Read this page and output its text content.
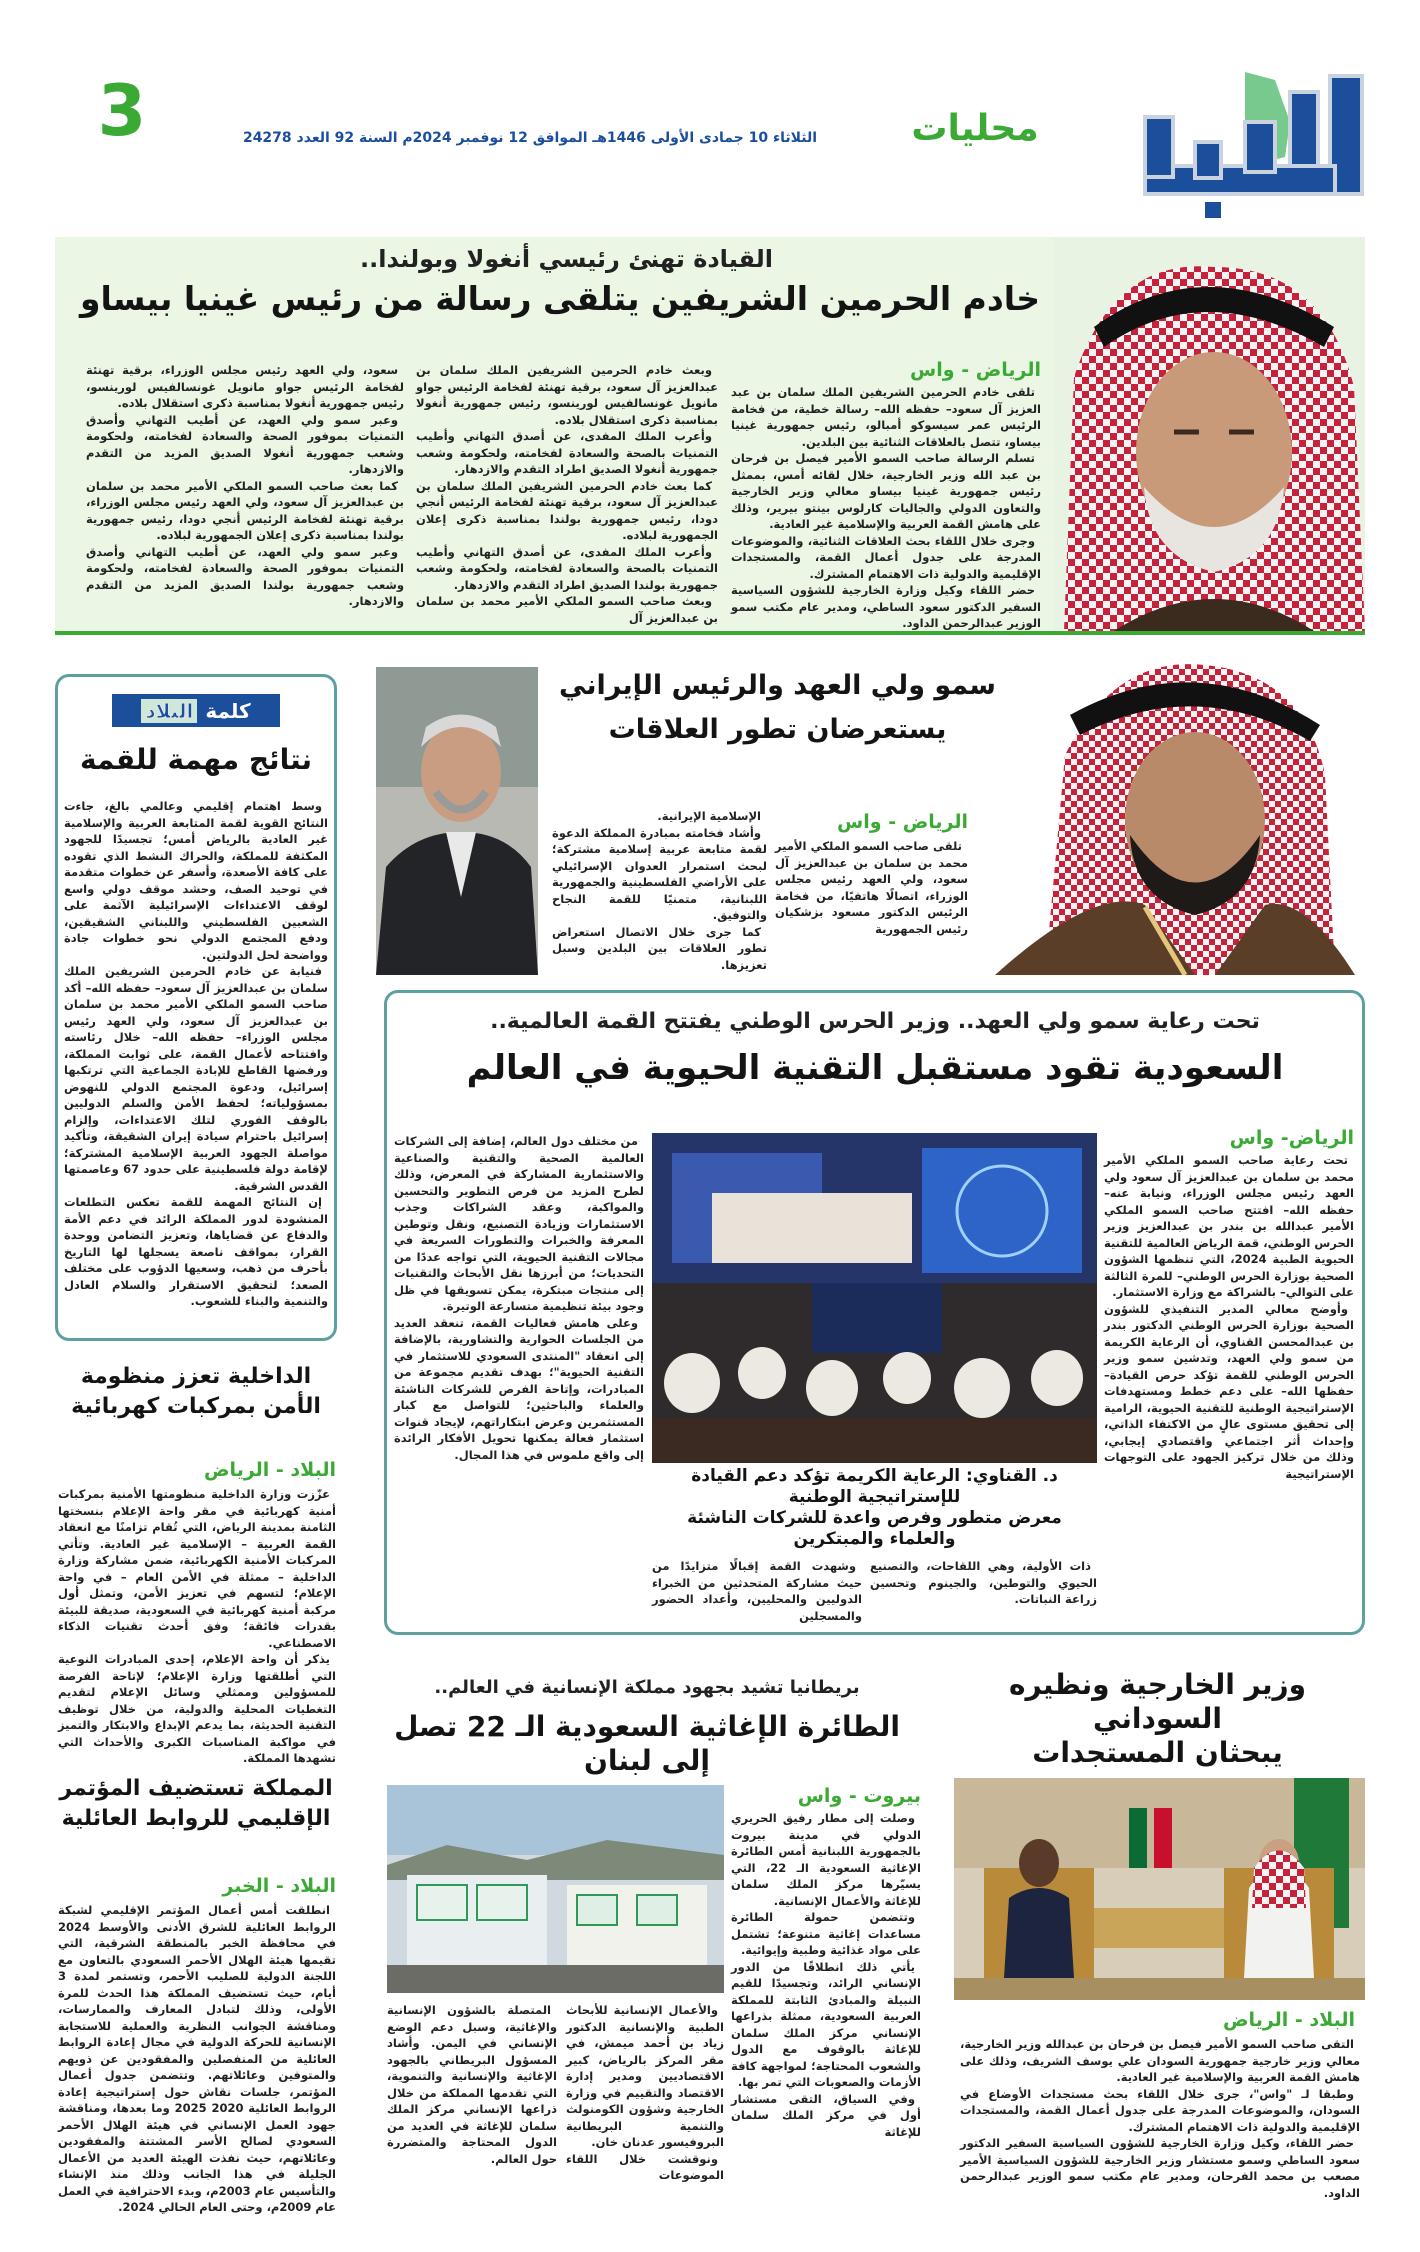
محليات
الثلاثاء 10 جمادى الأولى 1446هـ الموافق 12 نوفمبر 2024م السنة 92 العدد 24278
3
القيادة تهنئ رئيسي أنغولا وبولندا..
خادم الحرمين الشريفين يتلقى رسالة من رئيس غينيا بيساو
الرياض - واس

تلقى خادم الحرمين الشريفين الملك سلمان بن عبد العزيز آل سعود– حفظه الله– رسالة خطية، من فخامة الرئيس عمر سيسوكو أمبالو، رئيس جمهورية غينيا بيساو، تتصل بالعلاقات الثنائية بين البلدين.

تسلم الرسالة صاحب السمو الأمير فيصل بن فرحان بن عبد الله وزير الخارجية، خلال لقائه أمس، بممثل رئيس جمهورية غينيا بيساو معالي وزير الخارجية والتعاون الدولي والجاليات كارلوس بينتو بيرير، وذلك على هامش القمة العربية والإسلامية غير العادية.

وجرى خلال اللقاء بحث العلاقات الثنائية، والموضوعات المدرجة على جدول أعمال القمة، والمستجدات الإقليمية والدولية ذات الاهتمام المشترك.

حضر اللقاء وكيل وزارة الخارجية للشؤون السياسية السفير الدكتور سعود الساطي، ومدير عام مكتب سمو الوزير عبدالرحمن الداود.

وبعث خادم الحرمين الشريفين الملك سلمان بن عبدالعزيز آل سعود، برقية تهنئة لفخامة الرئيس جواو مانويل غونسالفيس لورينسو، رئيس جمهورية أنغولا بمناسبة ذكرى استقلال بلاده.

وأعرب الملك المفدى، عن أصدق التهاني وأطيب التمنيات بالصحة والسعادة لفخامته، ولحكومة وشعب جمهورية أنغولا الصديق اطراد التقدم والازدهار.

كما بعث خادم الحرمين الشريفين الملك سلمان بن عبدالعزيز آل سعود، برقية تهنئة لفخامة الرئيس أنجي دودا، رئيس جمهورية بولندا بمناسبة ذكرى إعلان الجمهورية لبلاده.

وأعرب الملك المفدى، عن أصدق التهاني وأطيب التمنيات بالصحة والسعادة لفخامته، ولحكومة وشعب جمهورية بولندا الصديق اطراد التقدم والازدهار.

وبعث صاحب السمو الملكي الأمير محمد بن سلمان بن عبدالعزيز آل

سعود، ولي العهد رئيس مجلس الوزراء، برقية تهنئة لفخامة الرئيس جواو مانويل غونسالفيس لورينسو، رئيس جمهورية أنغولا بمناسبة ذكرى استقلال بلاده.

وعبر سمو ولي العهد، عن أطيب التهاني وأصدق التمنيات بموفور الصحة والسعادة لفخامته، ولحكومة وشعب جمهورية أنغولا الصديق المزيد من التقدم والازدهار.

كما بعث صاحب السمو الملكي الأمير محمد بن سلمان بن عبدالعزيز آل سعود، ولي العهد رئيس مجلس الوزراء، برقية تهنئة لفخامة الرئيس أنجي دودا، رئيس جمهورية بولندا بمناسبة ذكرى إعلان الجمهورية لبلاده.

وعبر سمو ولي العهد، عن أطيب التهاني وأصدق التمنيات بموفور الصحة والسعادة لفخامته، ولحكومة وشعب جمهورية بولندا الصديق المزيد من التقدم والازدهار.

كلمة
البلاد
نتائج مهمة للقمة

وسط اهتمام إقليمي وعالمي بالغ، جاءت النتائج القوية لقمة المتابعة العربية والإسلامية غير العادية بالرياض أمس؛ تجسيدًا للجهود المكثفة للمملكة، والحراك النشط الذي تقوده على كافة الأصعدة، وأسفر عن خطوات متقدمة في توحيد الصف، وحشد موقف دولي واسع لوقف الاعتداءات الإسرائيلية الآثمة على الشعبين الفلسطيني واللبناني الشقيقين، ودفع المجتمع الدولي نحو خطوات جادة وواضحة لحل الدولتين.

فنيابة عن خادم الحرمين الشريفين الملك سلمان بن عبدالعزيز آل سعود– حفظه الله– أكد صاحب السمو الملكي الأمير محمد بن سلمان بن عبدالعزيز آل سعود، ولي العهد رئيس مجلس الوزراء– حفظه الله– خلال رئاسته وافتتاحه لأعمال القمة، على ثوابت المملكة، ورفضها القاطع للإبادة الجماعية التي ترتكبها إسرائيل، ودعوة المجتمع الدولي للنهوض بمسؤولياته؛ لحفظ الأمن والسلم الدوليين بالوقف الفوري لتلك الاعتداءات، وإلزام إسرائيل باحترام سيادة إيران الشقيقة، وتأكيد مواصلة الجهود العربية الإسلامية المشتركة؛ لإقامة دولة فلسطينية على حدود 67 وعاصمتها القدس الشرقية.

إن النتائج المهمة للقمة تعكس التطلعات المنشودة لدور المملكة الرائد في دعم الأمة والدفاع عن قضاياها، وتعزيز التضامن ووحدة القرار، بمواقف ناصعة يسجلها لها التاريخ بأحرف من ذهب، وسعيها الدؤوب على مختلف الصعد؛ لتحقيق الاستقرار والسلام العادل والتنمية والبناء للشعوب.

سمو ولي العهد والرئيس الإيراني
يستعرضان تطور العلاقات
الرياض - واس

تلقى صاحب السمو الملكي الأمير محمد بن سلمان بن عبدالعزيز آل سعود، ولي العهد رئيس مجلس الوزراء، اتصالًا هاتفيًا، من فخامة الرئيس الدكتور مسعود بزشكيان رئيس الجمهورية

الإسلامية الإيرانية.

وأشاد فخامته بمبادرة المملكة الدعوة لقمة متابعة عربية إسلامية مشتركة؛ لبحث استمرار العدوان الإسرائيلي على الأراضي الفلسطينية والجمهورية اللبنانية، متمنيًا للقمة النجاح والتوفيق.

كما جرى خلال الاتصال استعراض تطور العلاقات بين البلدين وسبل تعزيزها.

تحت رعاية سمو ولي العهد.. وزير الحرس الوطني يفتتح القمة العالمية..
السعودية تقود مستقبل التقنية الحيوية في العالم
الرياض- واس

تحت رعاية صاحب السمو الملكي الأمير محمد بن سلمان بن عبدالعزيز آل سعود ولي العهد رئيس مجلس الوزراء، ونيابة عنه– حفظه الله– افتتح صاحب السمو الملكي الأمير عبدالله بن بندر بن عبدالعزيز وزير الحرس الوطني، قمة الرياض العالمية للتقنية الحيوية الطبية 2024، التي تنظمها الشؤون الصحية بوزارة الحرس الوطني– للمرة الثالثة على التوالي– بالشراكة مع وزارة الاستثمار.

وأوضح معالي المدير التنفيذي للشؤون الصحية بوزارة الحرس الوطني الدكتور بندر بن عبدالمحسن القناوي، أن الرعاية الكريمة من سمو ولي العهد، وتدشين سمو وزير الحرس الوطني للقمة تؤكد حرص القيادة– حفظها الله– على دعم خطط ومستهدفات الإستراتيجية الوطنية للتقنية الحيوية، الرامية إلى تحقيق مستوى عالٍ من الاكتفاء الذاتي، وإحداث أثر اجتماعي واقتصادي إيجابي، وذلك من خلال تركيز الجهود على التوجهات الإستراتيجية

من مختلف دول العالم، إضافة إلى الشركات العالمية الصحية والتقنية والصناعية والاستثمارية المشاركة في المعرض، وذلك لطرح المزيد من فرص التطوير والتحسين والمواكبة، وعقد الشراكات وجذب الاستثمارات وزيادة التصنيع، ونقل وتوطين المعرفة والخبرات والتطورات السريعة في مجالات التقنية الحيوية، التي تواجه عددًا من التحديات؛ من أبرزها نقل الأبحاث والتقنيات إلى منتجات مبتكرة، يمكن تسويقها في ظل وجود بيئة تنظيمية متسارعة الوتيرة.

وعلى هامش فعاليات القمة، تنعقد العديد من الجلسات الحوارية والتشاورية، بالإضافة إلى انعقاد "المنتدى السعودي للاستثمار في التقنية الحيوية"؛ بهدف تقديم مجموعة من المبادرات، وإتاحة الفرص للشركات الناشئة والعلماء والباحثين؛ للتواصل مع كبار المستثمرين وعرض ابتكاراتهم، لإيجاد قنوات استثمار فعالة يمكنها تحويل الأفكار الرائدة إلى واقع ملموس في هذا المجال.

د. القناوي: الرعاية الكريمة تؤكد دعم القيادة للإستراتيجية الوطنية
معرض متطور وفرص واعدة للشركات الناشئة والعلماء والمبتكرين

ذات الأولية، وهي اللقاحات، والتصنيع الحيوي والتوطين، والجينوم وتحسين زراعة النباتات.

وشهدت القمة إقبالًا متزايدًا من حيث مشاركة المتحدثين من الخبراء الدوليين والمحليين، وأعداد الحضور والمسجلين

الداخلية تعزز منظومة
الأمن بمركبات كهربائية
البلاد - الرياض

عزّزت وزارة الداخلية منظومتها الأمنية بمركبات أمنية كهربائية في مقر واحة الإعلام بنسختها الثامنة بمدينة الرياض، التي تُقام تزامنًا مع انعقاد القمة العربية – الإسلامية غير العادية. وتأتي المركبات الأمنية الكهربائية، ضمن مشاركة وزارة الداخلية – ممثلة في الأمن العام – في واحة الإعلام؛ لتسهم في تعزيز الأمن، وتمثل أول مركبة أمنية كهربائية في السعودية، صديقة للبيئة بقدرات فائقة؛ وفق أحدث تقنيات الذكاء الاصطناعي.

يذكر أن واحة الإعلام، إحدى المبادرات النوعية التي أطلقتها وزارة الإعلام؛ لإتاحة الفرصة للمسؤولين وممثلي وسائل الإعلام لتقديم التغطيات المحلية والدولية، من خلال توظيف التقنية الحديثة، بما يدعم الإبداع والابتكار والتميز في مواكبة المناسبات الكبرى والأحداث التي تشهدها المملكة.

المملكة تستضيف المؤتمر
الإقليمي للروابط العائلية
البلاد - الخبر

انطلقت أمس أعمال المؤتمر الإقليمي لشبكة الروابط العائلية للشرق الأدنى والأوسط 2024 في محافظة الخبر بالمنطقة الشرقية، التي تقيمها هيئة الهلال الأحمر السعودي بالتعاون مع اللجنة الدولية للصليب الأحمر، وتستمر لمدة 3 أيام، حيث تستضيف المملكة هذا الحدث للمرة الأولى، وذلك لتبادل المعارف والممارسات، ومناقشة الجوانب النظرية والعملية للاستجابة الإنسانية للحركة الدولية في مجال إعادة الروابط العائلية من المنفصلين والمفقودين عن ذويهم والمتوفين وعائلاتهم. وتتضمن جدول أعمال المؤتمر، جلسات نقاش حول إستراتيجية إعادة الروابط العائلية 2020 2025 وما بعدها، ومناقشة جهود العمل الإنساني في هيئة الهلال الأحمر السعودي لصالح الأسر المشتتة والمفقودين وعائلاتهم، حيث نفذت الهيئة العديد من الأعمال الجليلة في هذا الجانب وذلك منذ الإنشاء والتأسيس عام 2003م، وبدء الاحترافية في العمل عام 2009م، وحتى العام الحالي 2024.

بريطانيا تشيد بجهود مملكة الإنسانية في العالم..
الطائرة الإغاثية السعودية الـ 22 تصل إلى لبنان
بيروت - واس

وصلت إلى مطار رفيق الحريري الدولي في مدينة بيروت بالجمهورية اللبنانية أمس الطائرة الإغاثية السعودية الـ 22، التي يسيّرها مركز الملك سلمان للإغاثة والأعمال الإنسانية.

وتتضمن حمولة الطائرة مساعدات إغاثية متنوعة؛ تشتمل على مواد غذائية وطبية وإيوائية.

يأتي ذلك انطلاقًا من الدور الإنساني الرائد، وتجسيدًا للقيم النبيلة والمبادئ الثابتة للمملكة العربية السعودية، ممثلة بذراعها الإنساني مركز الملك سلمان للإغاثة بالوقوف مع الدول والشعوب المحتاجة؛ لمواجهة كافة الأزمات والصعوبات التي تمر بها.

وفي السياق، التقى مستشار أول في مركز الملك سلمان للإغاثة

والأعمال الإنسانية للأبحاث الطبية والإنسانية الدكتور زياد بن أحمد ميمش، في مقر المركز بالرياض، كبير الاقتصاديين ومدير إدارة الاقتصاد والتقييم في وزارة الخارجية وشؤون الكومنولث والتنمية البريطانية البروفيسور عدنان خان.

ونوقشت خلال اللقاء الموضوعات

المتصلة بالشؤون الإنسانية والإغاثية، وسبل دعم الوضع الإنساني في اليمن. وأشاد المسؤول البريطاني بالجهود الإغاثية والإنسانية والتنموية، التي تقدمها المملكة من خلال ذراعها الإنساني مركز الملك سلمان للإغاثة في العديد من الدول المحتاجة والمتضررة حول العالم.

وزير الخارجية ونظيره السوداني
يبحثان المستجدات
البلاد - الرياض

التقى صاحب السمو الأمير فيصل بن فرحان بن عبدالله وزير الخارجية، معالي وزير خارجية جمهورية السودان علي يوسف الشريف، وذلك على هامش القمة العربية والإسلامية غير العادية.

وطبقا لـ "واس"، جرى خلال اللقاء بحث مستجدات الأوضاع في السودان، والموضوعات المدرجة على جدول أعمال القمة، والمستجدات الإقليمية والدولية ذات الاهتمام المشترك.

حضر اللقاء، وكيل وزارة الخارجية للشؤون السياسية السفير الدكتور سعود الساطي وسمو مستشار وزير الخارجية للشؤون السياسية الأمير مصعب بن محمد الفرحان، ومدير عام مكتب سمو الوزير عبدالرحمن الداود.
